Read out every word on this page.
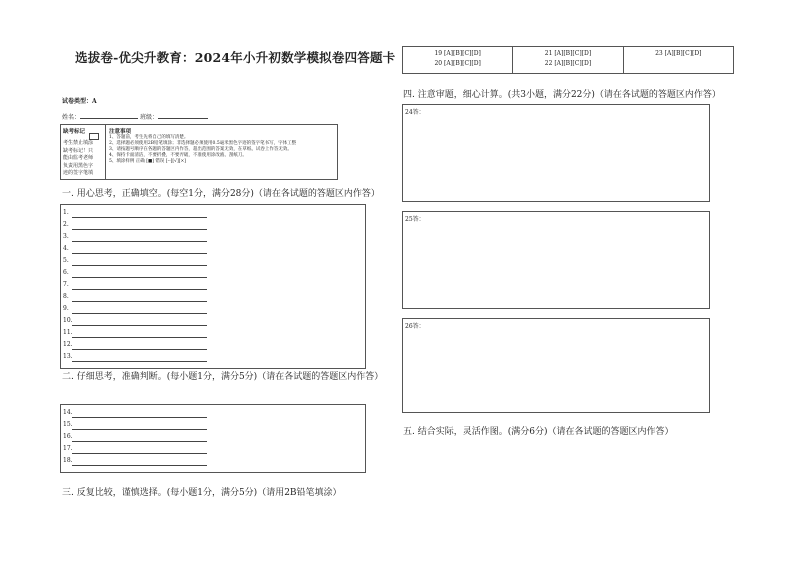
选拔卷-优尖升教育：2024年小升初数学模拟卷四答题卡	19 [A][B][C][D]
20 [A][B][C][D]
21 [A][B][C][D]
22 [A][B][C][D]
23 [A][B][C][D]
试卷类型：A
姓名：	班级：
缺考标记
考生禁止填涂
缺考标记！只
能由监考老师
负责用黑色字
迹的签字笔填
注意事项
1、答题前，考生先将自己的填写清楚。
2、选择题必须使用2B铅笔填涂；非选择题必须使用0.5毫米黑色字迹的签字笔书写，字体工整
3、请按题号顺序在各题的答题区内作答，超出范围的答案无效，在草纸、试卷上作答无效。
4、保持卡面清洁，不要折叠，不要弄破，不准使用涂改液、刮纸刀。
5、填涂样例 正确 [■] 错误 [--][√][×]
一. 用心思考，正确填空。(每空1分，满分28分)（请在各试题的答题区内作答）
1.
2.
3.
4.
5.
6.
7.
8.
9.
10.
11.
12.
13.
二. 仔细思考，准确判断。(每小题1分，满分5分)（请在各试题的答题区内作答）
14.
15.
16.
17.
18.
三. 反复比较，谨慎选择。(每小题1分，满分5分)（请用2B铅笔填涂）
四. 注意审题，细心计算。(共3小题，满分22分)（请在各试题的答题区内作答）
24答：
25答：
26答：
五. 结合实际，灵活作图。(满分6分)（请在各试题的答题区内作答）
